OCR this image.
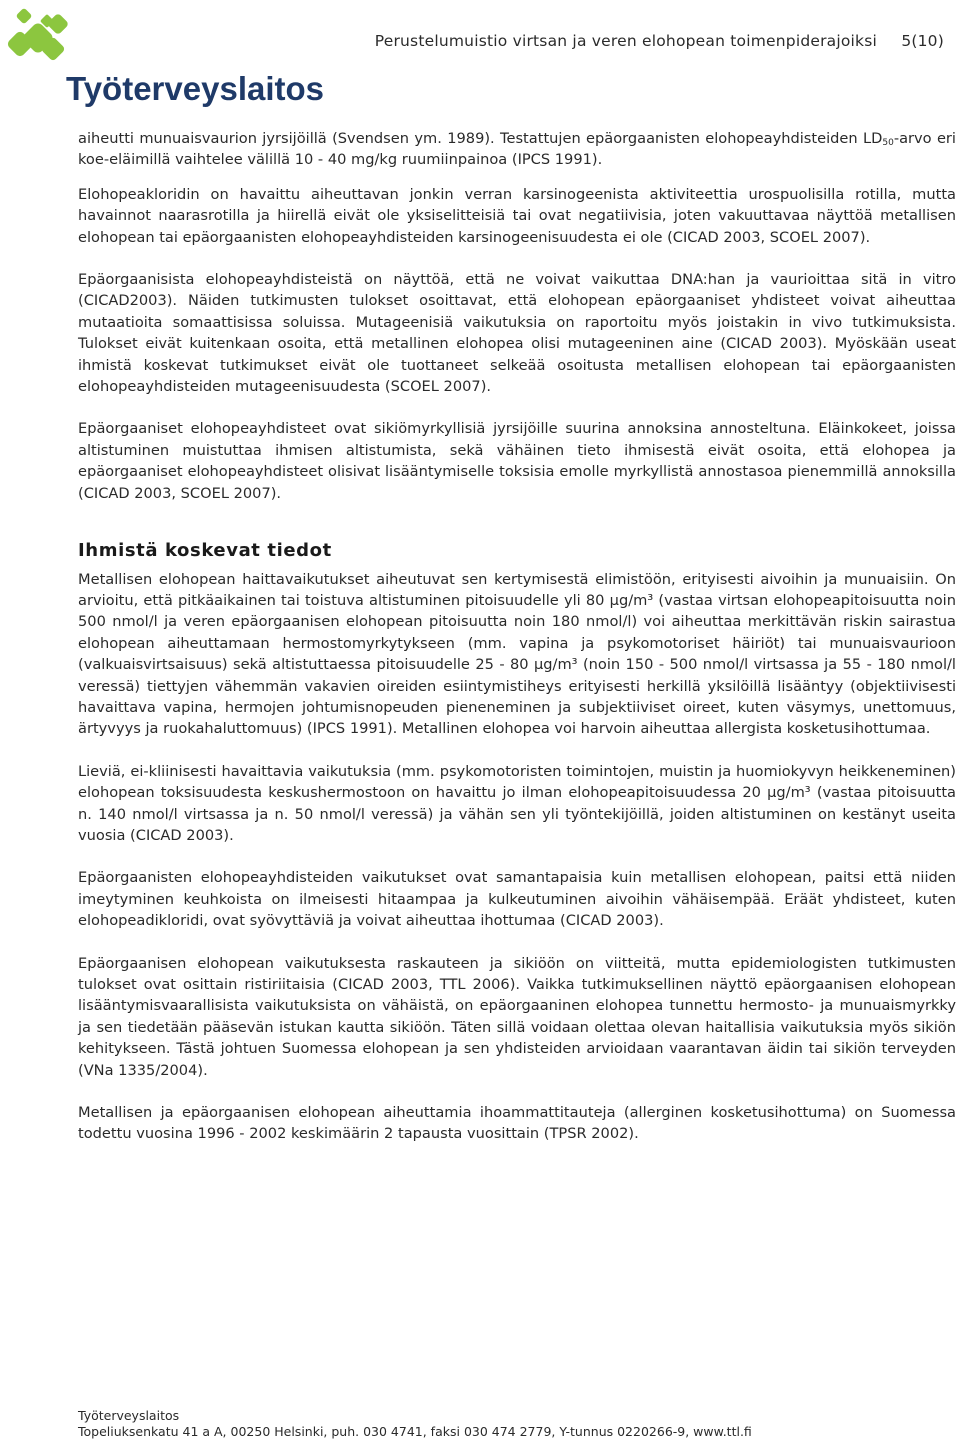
Työterveyslaitos
Perustelumuistio virtsan ja veren elohopean toimenpiderajoiksi 5(10)

aiheutti munuaisvaurion jyrsijöillä (Svendsen ym. 1989). Testattujen epäorgaanisten elohopeayhdisteiden $LD_{50}$-arvo eri koe-eläimillä vaihtelee välillä 10 - 40 mg/kg ruumiinpainoa (IPCS 1991).

Elohopeakloridin on havaittu aiheuttavan jonkin verran karsinogeenista aktiviteettia urospuolisilla rotilla, mutta havainnot naarasrotilla ja hiirellä eivät ole yksiselitteisiä tai ovat negatiivisia, joten vakuuttavaa näyttöä metallisen elohopean tai epäorgaanisten elohopeayhdisteiden karsinogeenisuudesta ei ole (CICAD 2003, SCOEL 2007).

Epäorgaanisista elohopeayhdisteistä on näyttöä, että ne voivat vaikuttaa DNA:han ja vaurioittaa sitä in vitro (CICAD2003). Näiden tutkimusten tulokset osoittavat, että elohopean epäorgaaniset yhdisteet voivat aiheuttaa mutaatioita somaattisissa soluissa. Mutageenisiä vaikutuksia on raportoitu myös joistakin in vivo tutkimuksista. Tulokset eivät kuitenkaan osoita, että metallinen elohopea olisi mutageeninen aine (CICAD 2003). Myöskään useat ihmistä koskevat tutkimukset eivät ole tuottaneet selkeää osoitusta metallisen elohopean tai epäorgaanisten elohopeayhdisteiden mutageenisuudesta (SCOEL 2007).

Epäorgaaniset elohopeayhdisteet ovat sikiömyrkyllisiä jyrsijöille suurina annoksina annosteltuna. Eläinkokeet, joissa altistuminen muistuttaa ihmisen altistumista, sekä vähäinen tieto ihmisestä eivät osoita, että elohopea ja epäorgaaniset elohopeayhdisteet olisivat lisääntymiselle toksisia emolle myrkyllistä annostasoa pienemmillä annoksilla (CICAD 2003, SCOEL 2007).

Ihmistä koskevat tiedot

Metallisen elohopean haittavaikutukset aiheutuvat sen kertymisestä elimistöön, erityisesti aivoihin ja munuaisiin. On arvioitu, että pitkäaikainen tai toistuva altistuminen pitoisuudelle yli 80 µg/m³ (vastaa virtsan elohopeapitoisuutta noin 500 nmol/l ja veren epäorgaanisen elohopean pitoisuutta noin 180 nmol/l) voi aiheuttaa merkittävän riskin sairastua elohopean aiheuttamaan hermostomyrkytykseen (mm. vapina ja psykomotoriset häiriöt) tai munuaisvaurioon (valkuaisvirtsaisuus) sekä altistuttaessa pitoisuudelle 25 - 80 µg/m³ (noin 150 - 500 nmol/l virtsassa ja 55 - 180 nmol/l veressä) tiettyjen vähemmän vakavien oireiden esiintymistiheys erityisesti herkillä yksilöillä lisääntyy (objektiivisesti havaittava vapina, hermojen johtumisnopeuden pieneneminen ja subjektiiviset oireet, kuten väsymys, unettomuus, ärtyvyys ja ruokahaluttomuus) (IPCS 1991). Metallinen elohopea voi harvoin aiheuttaa allergista kosketusihottumaa.

Lieviä, ei-kliinisesti havaittavia vaikutuksia (mm. psykomotoristen toimintojen, muistin ja huomiokyvyn heikkeneminen) elohopean toksisuudesta keskushermostoon on havaittu jo ilman elohopeapitoisuudessa 20 µg/m³ (vastaa pitoisuutta n. 140 nmol/l virtsassa ja n. 50 nmol/l veressä) ja vähän sen yli työntekijöillä, joiden altistuminen on kestänyt useita vuosia (CICAD 2003).

Epäorgaanisten elohopeayhdisteiden vaikutukset ovat samantapaisia kuin metallisen elohopean, paitsi että niiden imeytyminen keuhkoista on ilmeisesti hitaampaa ja kulkeutuminen aivoihin vähäisempää. Eräät yhdisteet, kuten elohopeadikloridi, ovat syövyttäviä ja voivat aiheuttaa ihottumaa (CICAD 2003).

Epäorgaanisen elohopean vaikutuksesta raskauteen ja sikiöön on viitteitä, mutta epidemiologisten tutkimusten tulokset ovat osittain ristiriitaisia (CICAD 2003, TTL 2006). Vaikka tutkimuksellinen näyttö epäorgaanisen elohopean lisääntymisvaarallisista vaikutuksista on vähäistä, on epäorgaaninen elohopea tunnettu hermosto- ja munuaismyrkky ja sen tiedetään pääsevän istukan kautta sikiöön. Täten sillä voidaan olettaa olevan haitallisia vaikutuksia myös sikiön kehitykseen. Tästä johtuen Suomessa elohopean ja sen yhdisteiden arvioidaan vaarantavan äidin tai sikiön terveyden (VNa 1335/2004).

Metallisen ja epäorgaanisen elohopean aiheuttamia ihoammattitauteja (allerginen kosketusihottuma) on Suomessa todettu vuosina 1996 - 2002 keskimäärin 2 tapausta vuosittain (TPSR 2002).

Työterveyslaitos
Topeliuksenkatu 41 a A, 00250 Helsinki, puh. 030 4741, faksi 030 474 2779, Y-tunnus 0220266-9, www.ttl.fi
